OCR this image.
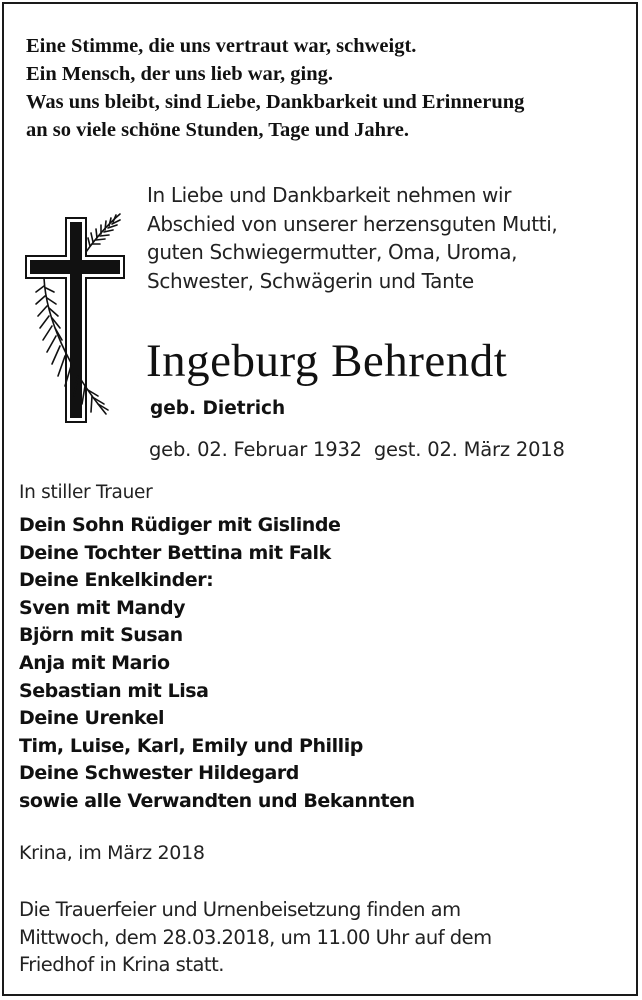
Eine Stimme, die uns vertraut war, schweigt.
Ein Mensch, der uns lieb war, ging.
Was uns bleibt, sind Liebe, Dankbarkeit und Erinnerung
an so viele schöne Stunden, Tage und Jahre.
In Liebe und Dankbarkeit nehmen wir
Abschied von unserer herzensguten Mutti,
guten Schwiegermutter, Oma, Uroma,
Schwester, Schwägerin und Tante
Ingeburg Behrendt
geb. Dietrich
geb. 02. Februar 1932 gest. 02. März 2018
In stiller Trauer
Dein Sohn Rüdiger mit Gislinde
Deine Tochter Bettina mit Falk
Deine Enkelkinder:
Sven mit Mandy
Björn mit Susan
Anja mit Mario
Sebastian mit Lisa
Deine Urenkel
Tim, Luise, Karl, Emily und Phillip
Deine Schwester Hildegard
sowie alle Verwandten und Bekannten
Krina, im März 2018
Die Trauerfeier und Urnenbeisetzung finden am
Mittwoch, dem 28.03.2018, um 11.00 Uhr auf dem
Friedhof in Krina statt.
